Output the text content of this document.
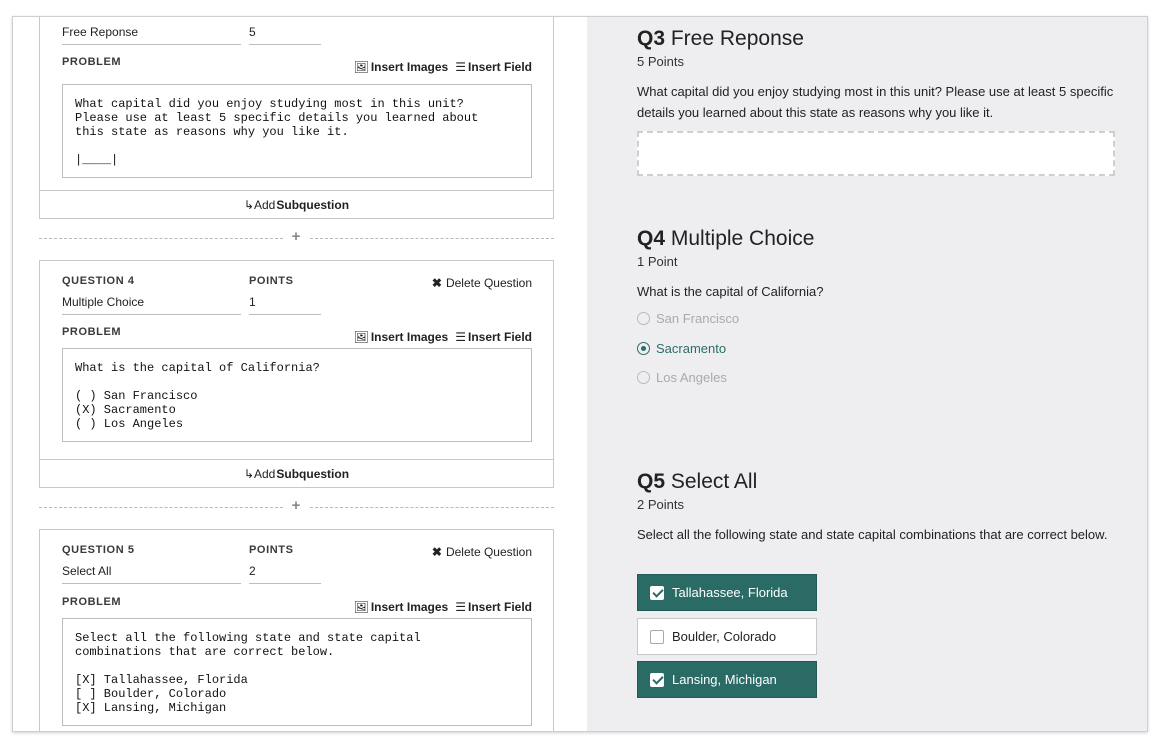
Free Reponse	5
PROBLEM	🖼 Insert Images ☰ Insert Field
What capital did you enjoy studying most in this unit?
Please use at least 5 specific details you learned about
this state as reasons why you like it.

|____|
↳Add Subquestion
+
QUESTION 4	POINTS	✖ Delete Question
Multiple Choice	1
PROBLEM	🖼 Insert Images ☰ Insert Field
What is the capital of California?

( ) San Francisco
(X) Sacramento
( ) Los Angeles
↳Add Subquestion
+
QUESTION 5	POINTS	✖ Delete Question
Select All	2
PROBLEM	🖼 Insert Images ☰ Insert Field
Select all the following state and state capital
combinations that are correct below.

[X] Tallahassee, Florida
[ ] Boulder, Colorado
[X] Lansing, Michigan
Q3 Free Reponse
5 Points
What capital did you enjoy studying most in this unit? Please use at least 5 specific details you learned about this state as reasons why you like it.
Q4 Multiple Choice
1 Point
What is the capital of California?
San Francisco
Sacramento
Los Angeles
Q5 Select All
2 Points
Select all the following state and state capital combinations that are correct below.
Tallahassee, Florida
Boulder, Colorado
Lansing, Michigan
